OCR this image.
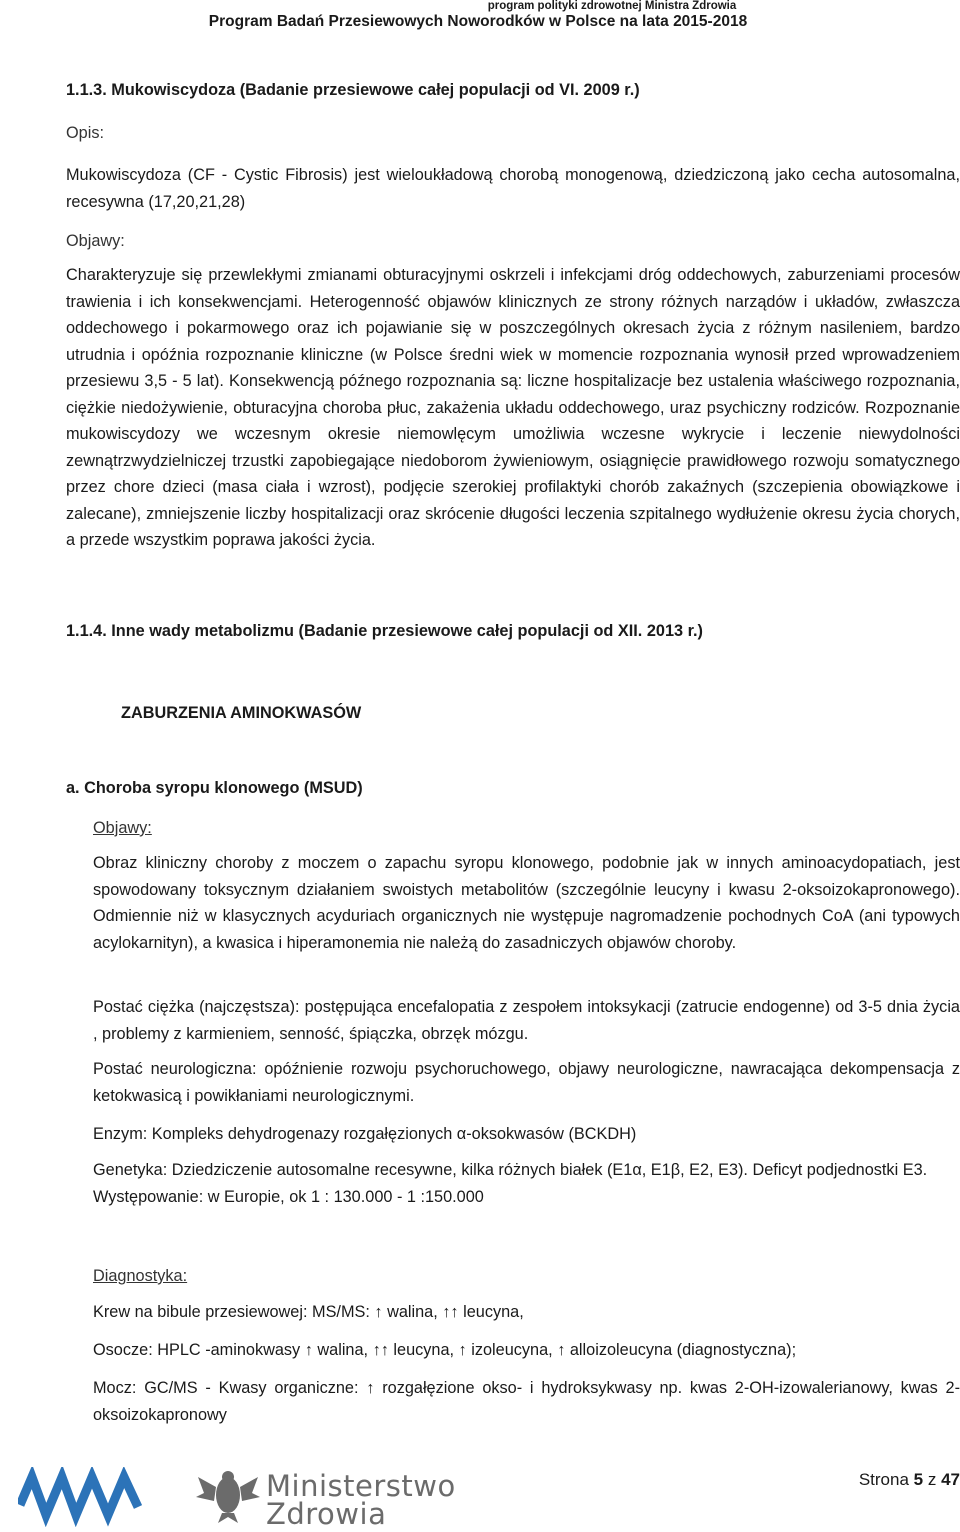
program polityki zdrowotnej Ministra Zdrowia
Program Badań Przesiewowych Noworodków w Polsce na lata 2015-2018
1.1.3. Mukowiscydoza (Badanie przesiewowe całej populacji od VI. 2009 r.)
Opis:
Mukowiscydoza (CF - Cystic Fibrosis) jest wieloukładową chorobą monogenową, dziedziczoną jako cecha autosomalna, recesywna (17,20,21,28)
Objawy:
Charakteryzuje się przewlekłymi zmianami obturacyjnymi oskrzeli i infekcjami dróg oddechowych, zaburzeniami procesów trawienia i ich konsekwencjami. Heterogenność objawów klinicznych ze strony różnych narządów i układów, zwłaszcza oddechowego i pokarmowego oraz ich pojawianie się w poszczególnych okresach życia z różnym nasileniem, bardzo utrudnia i opóźnia rozpoznanie kliniczne (w Polsce średni wiek w momencie rozpoznania wynosił przed wprowadzeniem przesiewu 3,5 - 5 lat). Konsekwencją późnego rozpoznania są: liczne hospitalizacje bez ustalenia właściwego rozpoznania, ciężkie niedożywienie, obturacyjna choroba płuc, zakażenia układu oddechowego, uraz psychiczny rodziców. Rozpoznanie mukowiscydozy we wczesnym okresie niemowlęcym umożliwia wczesne wykrycie i leczenie niewydolności zewnątrzwydzielniczej trzustki zapobiegające niedoborom żywieniowym, osiągnięcie prawidłowego rozwoju somatycznego przez chore dzieci (masa ciała i wzrost), podjęcie szerokiej profilaktyki chorób zakaźnych (szczepienia obowiązkowe i zalecane), zmniejszenie liczby hospitalizacji oraz skrócenie długości leczenia szpitalnego wydłużenie okresu życia chorych, a przede wszystkim poprawa jakości życia.
1.1.4. Inne wady metabolizmu (Badanie przesiewowe całej populacji od XII. 2013 r.)
ZABURZENIA AMINOKWASÓW
a. Choroba syropu klonowego (MSUD)
Objawy:
Obraz kliniczny choroby z moczem o zapachu syropu klonowego, podobnie jak w innych aminoacydopatiach, jest spowodowany toksycznym działaniem swoistych metabolitów (szczególnie leucyny i kwasu 2-oksoizokapronowego). Odmiennie niż w klasycznych acyduriach organicznych nie występuje nagromadzenie pochodnych CoA (ani typowych acylokarnityn), a kwasica i hiperamonemia nie należą do zasadniczych objawów choroby.
Postać ciężka (najczęstsza): postępująca encefalopatia z zespołem intoksykacji (zatrucie endogenne) od 3-5 dnia życia , problemy z karmieniem, senność, śpiączka, obrzęk mózgu.
Postać neurologiczna: opóźnienie rozwoju psychoruchowego, objawy neurologiczne, nawracająca dekompensacja z ketokwasicą i powikłaniami neurologicznymi.
Enzym: Kompleks dehydrogenazy rozgałęzionych α-oksokwasów (BCKDH)
Genetyka: Dziedziczenie autosomalne recesywne, kilka różnych białek (E1α, E1β, E2, E3). Deficyt podjednostki E3. Występowanie: w Europie, ok 1 : 130.000 - 1 :150.000
Diagnostyka:
Krew na bibule przesiewowej: MS/MS: ↑ walina, ↑↑ leucyna,
Osocze: HPLC -aminokwasy ↑ walina, ↑↑ leucyna, ↑ izoleucyna, ↑ alloizoleucyna (diagnostyczna);
Mocz: GC/MS - Kwasy organiczne: ↑ rozgałęzione okso- i hydroksykwasy np. kwas 2-OH-izowalerianowy, kwas 2-oksoizokapronowy
Ministerstwo
Zdrowia
Strona 5 z 47
